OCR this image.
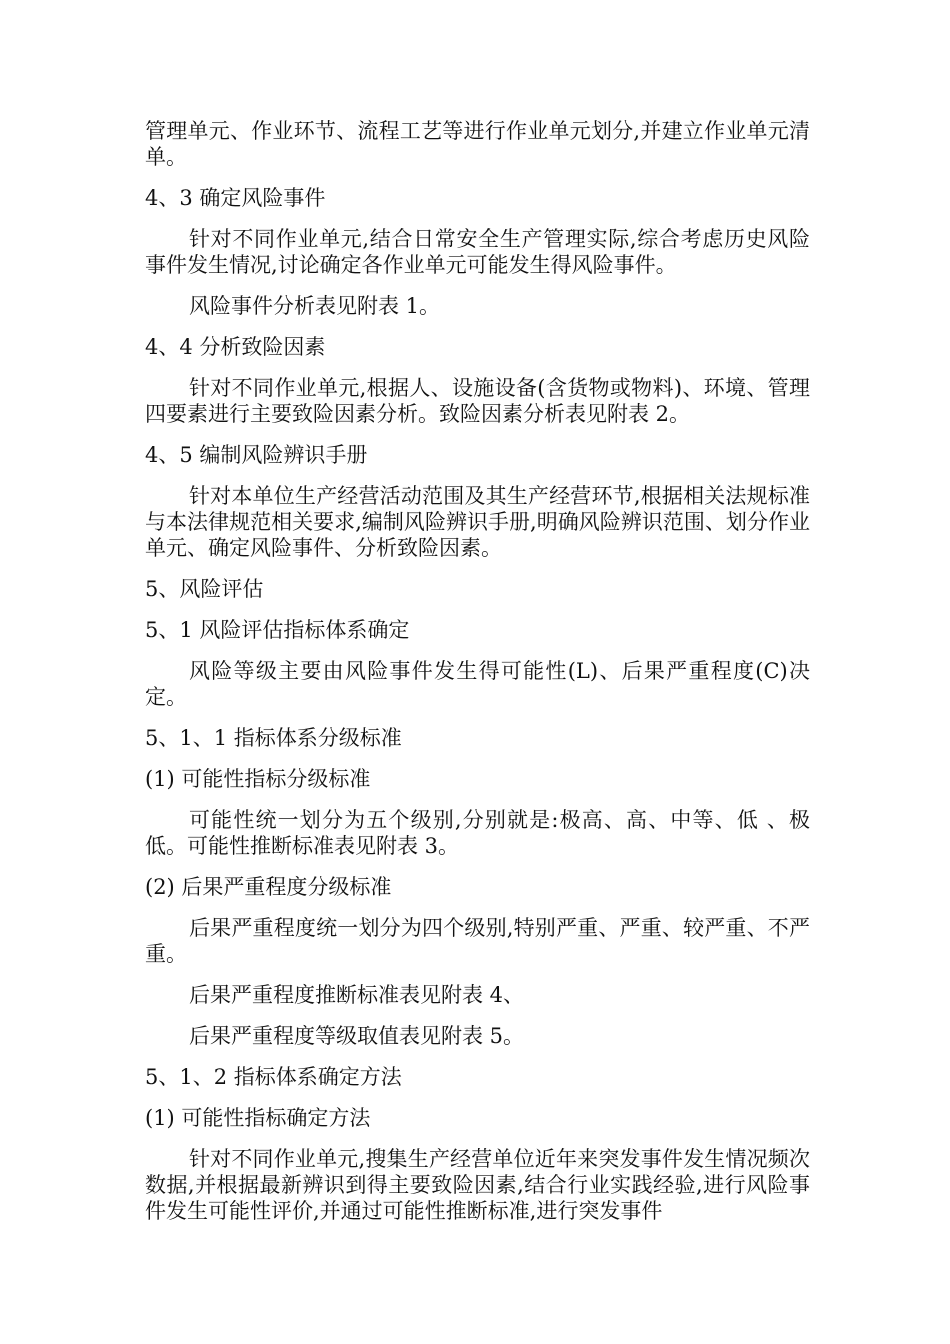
管理单元、作业环节、流程工艺等进行作业单元划分,并建立作业单元清单。

4、3 确定风险事件

针对不同作业单元,结合日常安全生产管理实际,综合考虑历史风险事件发生情况,讨论确定各作业单元可能发生得风险事件。

风险事件分析表见附表 1。

4、4 分析致险因素

针对不同作业单元,根据人、设施设备(含货物或物料)、环境、管理四要素进行主要致险因素分析。致险因素分析表见附表 2。

4、5 编制风险辨识手册

针对本单位生产经营活动范围及其生产经营环节,根据相关法规标准与本法律规范相关要求,编制风险辨识手册,明确风险辨识范围、划分作业单元、确定风险事件、分析致险因素。

5、风险评估

5、1 风险评估指标体系确定

风险等级主要由风险事件发生得可能性(L)、后果严重程度(C)决定。

5、1、1 指标体系分级标准

(1) 可能性指标分级标准

可能性统一划分为五个级别,分别就是:极高、高、中等、低 、极低。可能性推断标准表见附表 3。

(2) 后果严重程度分级标准

后果严重程度统一划分为四个级别,特别严重、严重、较严重、不严重。

后果严重程度推断标准表见附表 4、

后果严重程度等级取值表见附表 5。

5、1、2 指标体系确定方法

(1) 可能性指标确定方法

针对不同作业单元,搜集生产经营单位近年来突发事件发生情况频次数据,并根据最新辨识到得主要致险因素,结合行业实践经验,进行风险事件发生可能性评价,并通过可能性推断标准,进行突发事件
